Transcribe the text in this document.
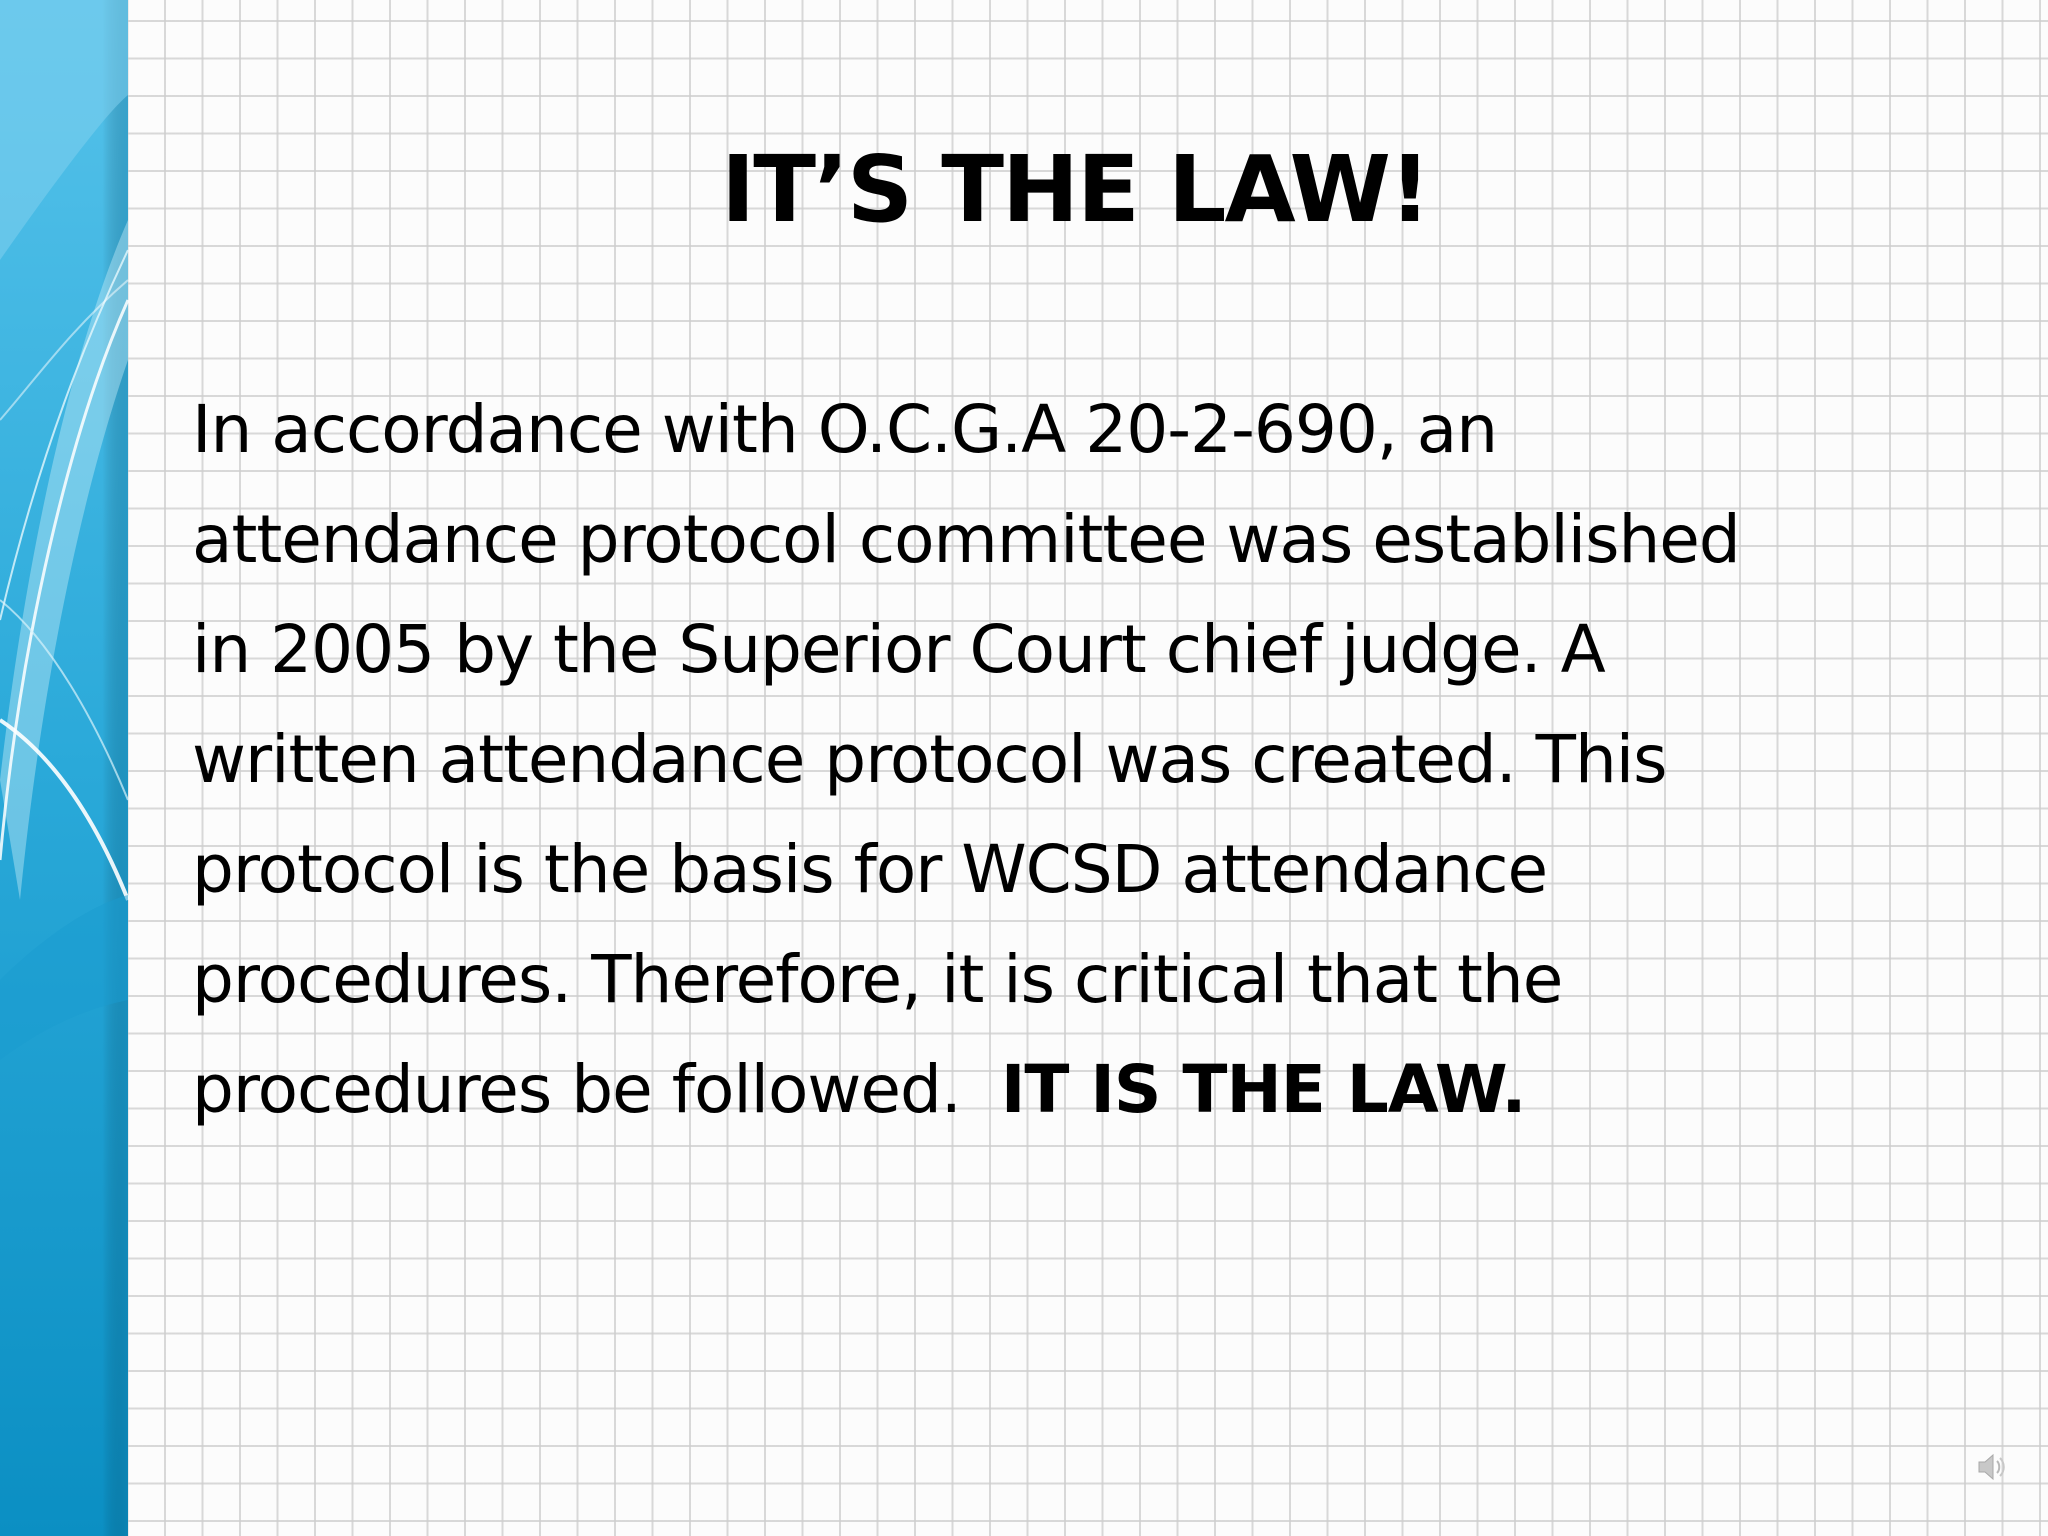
IT’S THE LAW!
In accordance with O.C.G.A 20-2-690, an
attendance protocol committee was established
in 2005 by the Superior Court chief judge. A
written attendance protocol was created. This
protocol is the basis for WCSD attendance
procedures. Therefore, it is critical that the
procedures be followed.  IT IS THE LAW.
